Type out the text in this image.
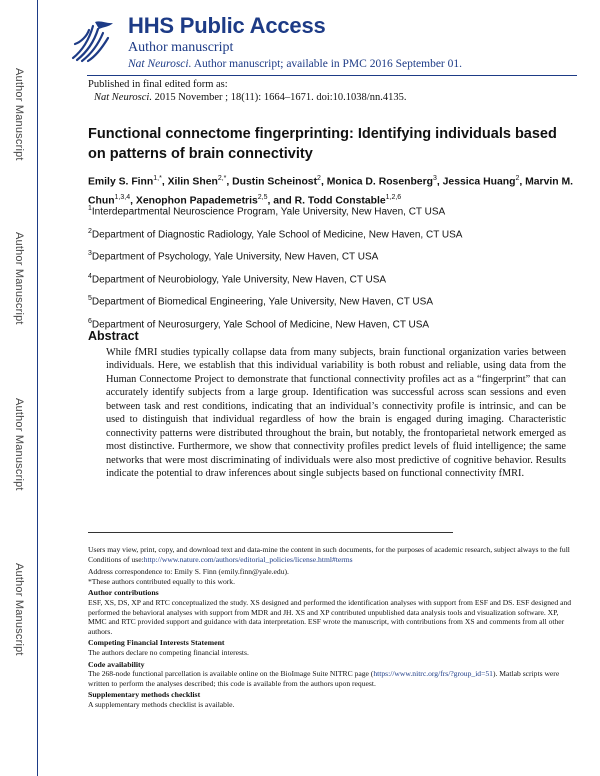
Author Manuscript
Author Manuscript
Author Manuscript
Author Manuscript
HHS Public Access
Author manuscript
Nat Neurosci. Author manuscript; available in PMC 2016 September 01.
Published in final edited form as:
Nat Neurosci. 2015 November ; 18(11): 1664–1671. doi:10.1038/nn.4135.
Functional connectome fingerprinting: Identifying individuals based on patterns of brain connectivity
Emily S. Finn$^{1,*}$, Xilin Shen$^{2,*}$, Dustin Scheinost$^2$, Monica D. Rosenberg$^3$, Jessica Huang$^2$, Marvin M. Chun$^{1,3,4}$, Xenophon Papademetris$^{2,5}$, and R. Todd Constable$^{1,2,6}$
$^1$Interdepartmental Neuroscience Program, Yale University, New Haven, CT USA
$^2$Department of Diagnostic Radiology, Yale School of Medicine, New Haven, CT USA
$^3$Department of Psychology, Yale University, New Haven, CT USA
$^4$Department of Neurobiology, Yale University, New Haven, CT USA
$^5$Department of Biomedical Engineering, Yale University, New Haven, CT USA
$^6$Department of Neurosurgery, Yale School of Medicine, New Haven, CT USA
Abstract
While fMRI studies typically collapse data from many subjects, brain functional organization varies between individuals. Here, we establish that this individual variability is both robust and reliable, using data from the Human Connectome Project to demonstrate that functional connectivity profiles act as a “fingerprint” that can accurately identify subjects from a large group. Identification was successful across scan sessions and even between task and rest conditions, indicating that an individual’s connectivity profile is intrinsic, and can be used to distinguish that individual regardless of how the brain is engaged during imaging. Characteristic connectivity patterns were distributed throughout the brain, but notably, the frontoparietal network emerged as most distinctive. Furthermore, we show that connectivity profiles predict levels of fluid intelligence; the same networks that were most discriminating of individuals were also most predictive of cognitive behavior. Results indicate the potential to draw inferences about single subjects based on functional connectivity fMRI.

Users may view, print, copy, and download text and data-mine the content in such documents, for the purposes of academic research, subject always to the full Conditions of use:http://www.nature.com/authors/editorial_policies/license.html#terms

Address correspondence to: Emily S. Finn (emily.finn@yale.edu).

*These authors contributed equally to this work.

Author contributions

ESF, XS, DS, XP and RTC conceptualized the study. XS designed and performed the identification analyses with support from ESF and DS. ESF designed and performed the behavioral analyses with support from MDR and JH. XS and XP contributed unpublished data analysis tools and visualization software. XP, MMC and RTC provided support and guidance with data interpretation. ESF wrote the manuscript, with contributions from XS and comments from all other authors.

Competing Financial Interests Statement

The authors declare no competing financial interests.

Code availability

The 268-node functional parcellation is available online on the BioImage Suite NITRC page (https://www.nitrc.org/frs/?group_id=51). Matlab scripts were written to perform the analyses described; this code is available from the authors upon request.

Supplementary methods checklist

A supplementary methods checklist is available.
